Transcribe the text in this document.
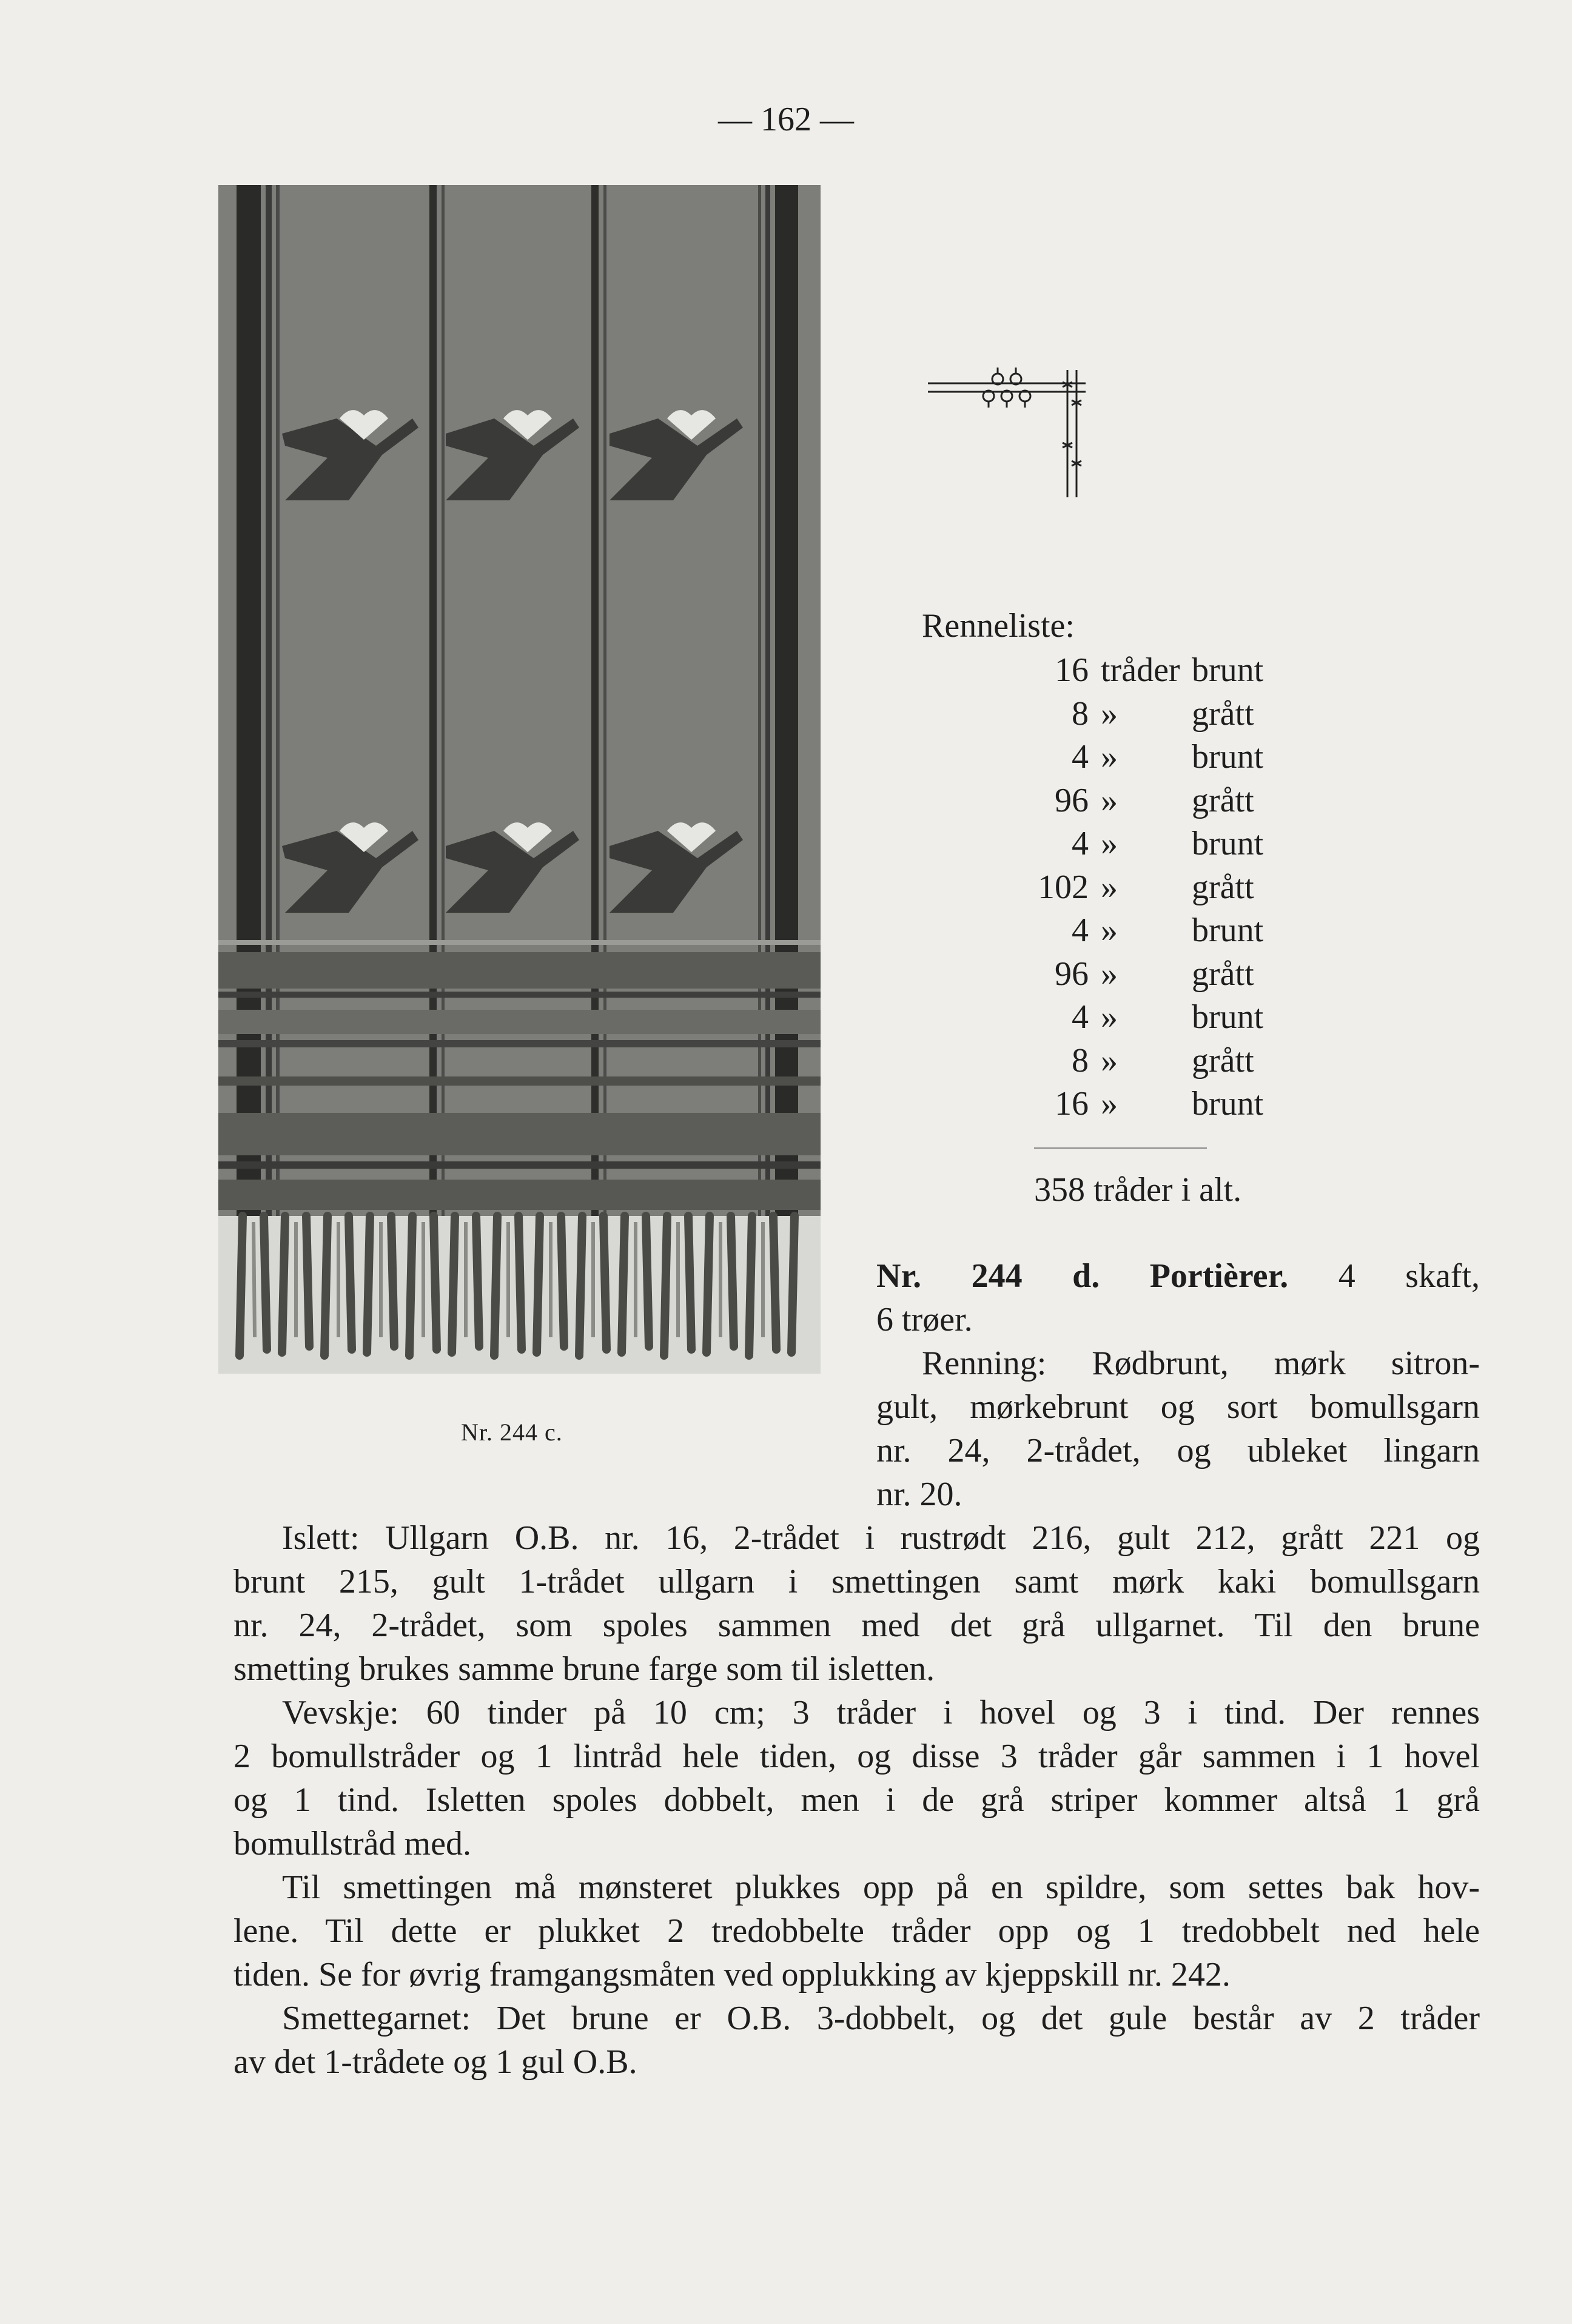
— 162 —
Nr. 244 c.
Renneliste:
16	tråder	brunt
8	»	grått
4	»	brunt
96	»	grått
4	»	brunt
102	»	grått
4	»	brunt
96	»	grått
4	»	brunt
8	»	grått
16	»	brunt
358 tråder i alt.
Nr. 244 d. Portièrer. 4 skaft,
6 trøer.
Renning: Rødbrunt, mørk sitron-
gult, mørkebrunt og sort bomullsgarn
nr. 24, 2-trådet, og ubleket lingarn
nr. 20.
Islett: Ullgarn O.B. nr. 16, 2-trådet i rustrødt 216, gult 212, grått 221 og
brunt 215, gult 1-trådet ullgarn i smettingen samt mørk kaki bomullsgarn
nr. 24, 2-trådet, som spoles sammen med det grå ullgarnet. Til den brune
smetting brukes samme brune farge som til isletten.
Vevskje: 60 tinder på 10 cm; 3 tråder i hovel og 3 i tind. Der rennes
2 bomullstråder og 1 lintråd hele tiden, og disse 3 tråder går sammen i 1 hovel
og 1 tind. Isletten spoles dobbelt, men i de grå striper kommer altså 1 grå
bomullstråd med.
Til smettingen må mønsteret plukkes opp på en spildre, som settes bak hov-
lene. Til dette er plukket 2 tredobbelte tråder opp og 1 tredobbelt ned hele
tiden. Se for øvrig framgangsmåten ved opplukking av kjeppskill nr. 242.
Smettegarnet: Det brune er O.B. 3-dobbelt, og det gule består av 2 tråder
av det 1-trådete og 1 gul O.B.
